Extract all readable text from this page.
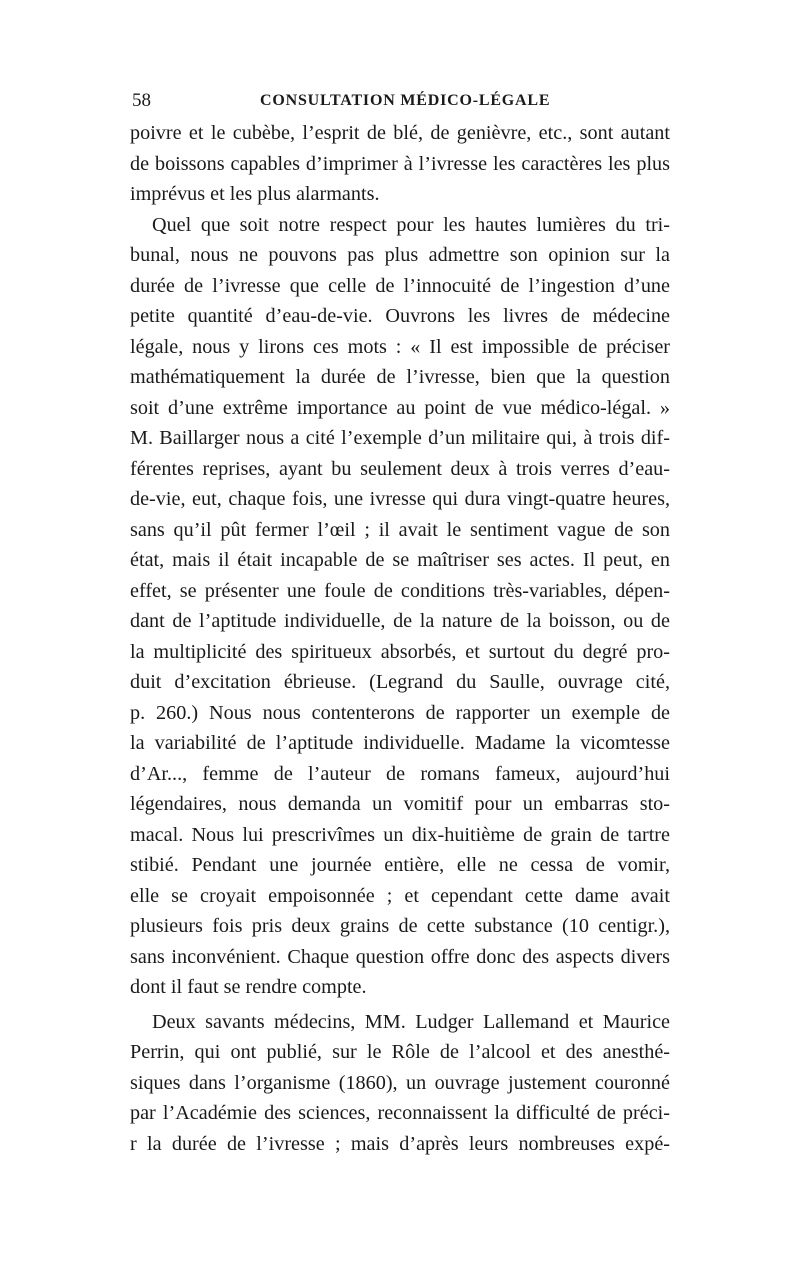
58	CONSULTATION MÉDICO-LÉGALE
poivre et le cubèbe, l’esprit de blé, de genièvre, etc., sont autant
de boissons capables d’imprimer à l’ivresse les caractères les plus
imprévus et les plus alarmants.
Quel que soit notre respect pour les hautes lumières du tri-
bunal, nous ne pouvons pas plus admettre son opinion sur la
durée de l’ivresse que celle de l’innocuité de l’ingestion d’une
petite quantité d’eau-de-vie. Ouvrons les livres de médecine
légale, nous y lirons ces mots : « Il est impossible de préciser
mathématiquement la durée de l’ivresse, bien que la question
soit d’une extrême importance au point de vue médico-légal. »
M. Baillarger nous a cité l’exemple d’un militaire qui, à trois dif-
férentes reprises, ayant bu seulement deux à trois verres d’eau-
de-vie, eut, chaque fois, une ivresse qui dura vingt-quatre heures,
sans qu’il pût fermer l’œil ; il avait le sentiment vague de son
état, mais il était incapable de se maîtriser ses actes. Il peut, en
effet, se présenter une foule de conditions très-variables, dépen-
dant de l’aptitude individuelle, de la nature de la boisson, ou de
la multiplicité des spiritueux absorbés, et surtout du degré pro-
duit d’excitation ébrieuse. (Legrand du Saulle, ouvrage cité,
p. 260.) Nous nous contenterons de rapporter un exemple de
la variabilité de l’aptitude individuelle. Madame la vicomtesse
d’Ar..., femme de l’auteur de romans fameux, aujourd’hui
légendaires, nous demanda un vomitif pour un embarras sto-
macal. Nous lui prescrivîmes un dix-huitième de grain de tartre
stibié. Pendant une journée entière, elle ne cessa de vomir,
elle se croyait empoisonnée ; et cependant cette dame avait
plusieurs fois pris deux grains de cette substance (10 centigr.),
sans inconvénient. Chaque question offre donc des aspects divers
dont il faut se rendre compte.
Deux savants médecins, MM. Ludger Lallemand et Maurice
Perrin, qui ont publié, sur le Rôle de l’alcool et des anesthé-
siques dans l’organisme (1860), un ouvrage justement couronné
par l’Académie des sciences, reconnaissent la difficulté de préci-
r la durée de l’ivresse ; mais d’après leurs nombreuses expé-
